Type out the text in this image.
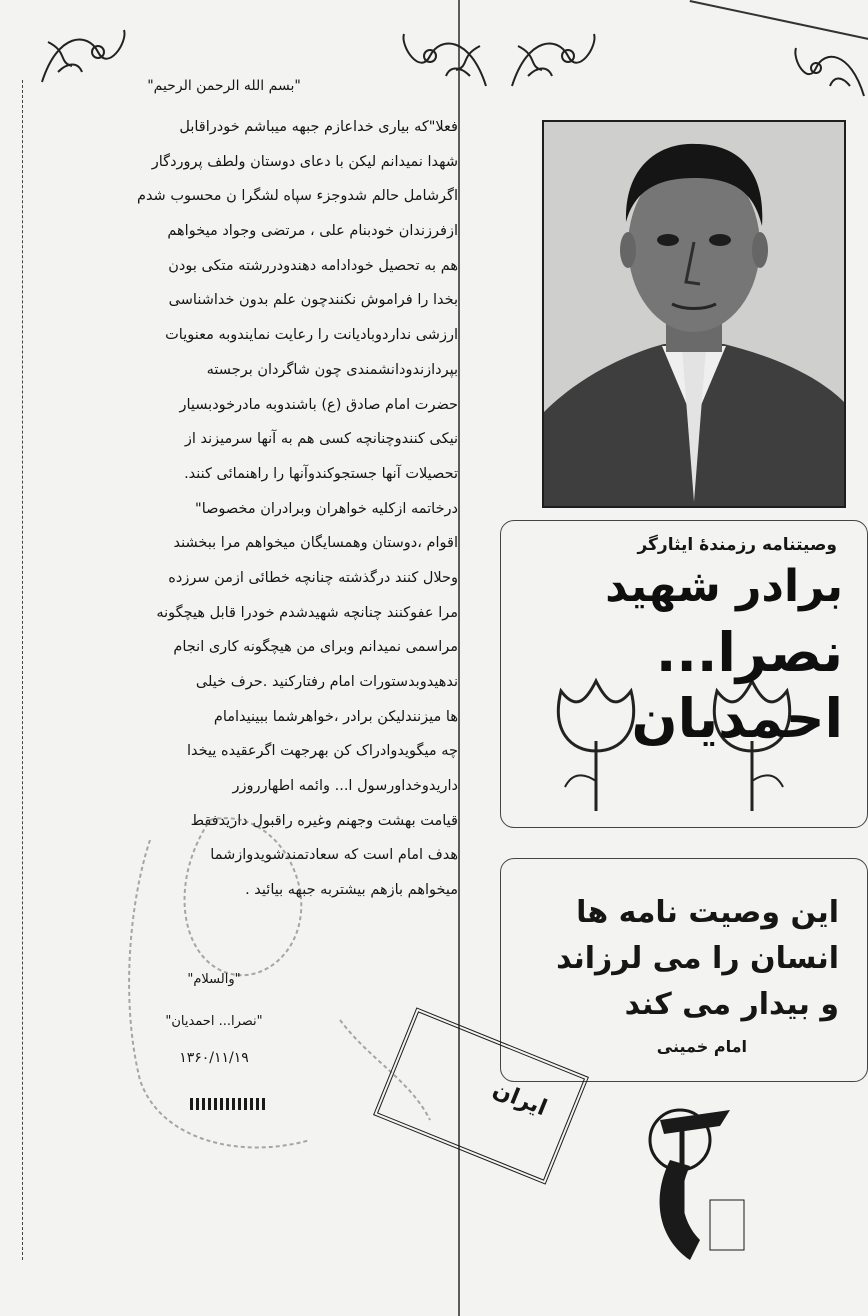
"بسم الله الرحمن الرحیم"
فعلا"که بیاری خداعازم جبهه میباشم خودراقابل
شهدا نمیدانم لیکن با دعای دوستان ولطف پروردگار
اگرشامل حالم شدوجزء سپاه لشگرا ن محسوب شدم
ازفرزندان خودبنام علی ، مرتضی وجواد میخواهم
هم به تحصیل خودادامه دهندودررشته متکی بودن
بخدا را فراموش نکنندچون علم بدون خداشناسی
ارزشی نداردوبادیانت را رعایت نمایندوبه معنویات
بپردازندودانشمندی چون شاگردان برجسته
حضرت امام صادق (ع) باشندوبه مادرخودبسیار
نیکی کنندوچنانچه کسی هم به آنها سرمیزند از
تحصیلات آنها جستجوکندوآنها را راهنمائی کنند.
درخاتمه ازکلیه خواهران وبرادران مخصوصا"
اقوام ،دوستان وهمسایگان میخواهم مرا ببخشند
وحلال کنند درگذشته چنانچه خطائی ازمن سرزده
مرا عفوکنند چنانچه شهیدشدم خودرا قابل هیچگونه
مراسمی نمیدانم وبرای من هیچگونه کاری انجام
ندهیدوبدستورات امام رفتارکنید .حرف خیلی
ها میزنندلیکن برادر ،خواهرشما ببینیدامام
چه میگویدوادراک کن بهرجهت اگرعقیده ییخدا
داریدوخداورسول ا... وائمه اطهارروزر
قیامت بهشت وجهنم وغیره راقبول داریدفقط
هدف امام است که سعادتمندشویدوازشما
میخواهم بازهم بیشتربه جبهه بیائید .
"والسلام"
"نصرا... احمدیان"
۱۳۶۰/۱۱/۱۹
وصیتنامه رزمندهٔ ایثارگر
برادر شهید
نصرا...
احمدیان
این وصیت نامه ها
انسان را می لرزاند
و بیدار می کند
امام خمینی
ایران
